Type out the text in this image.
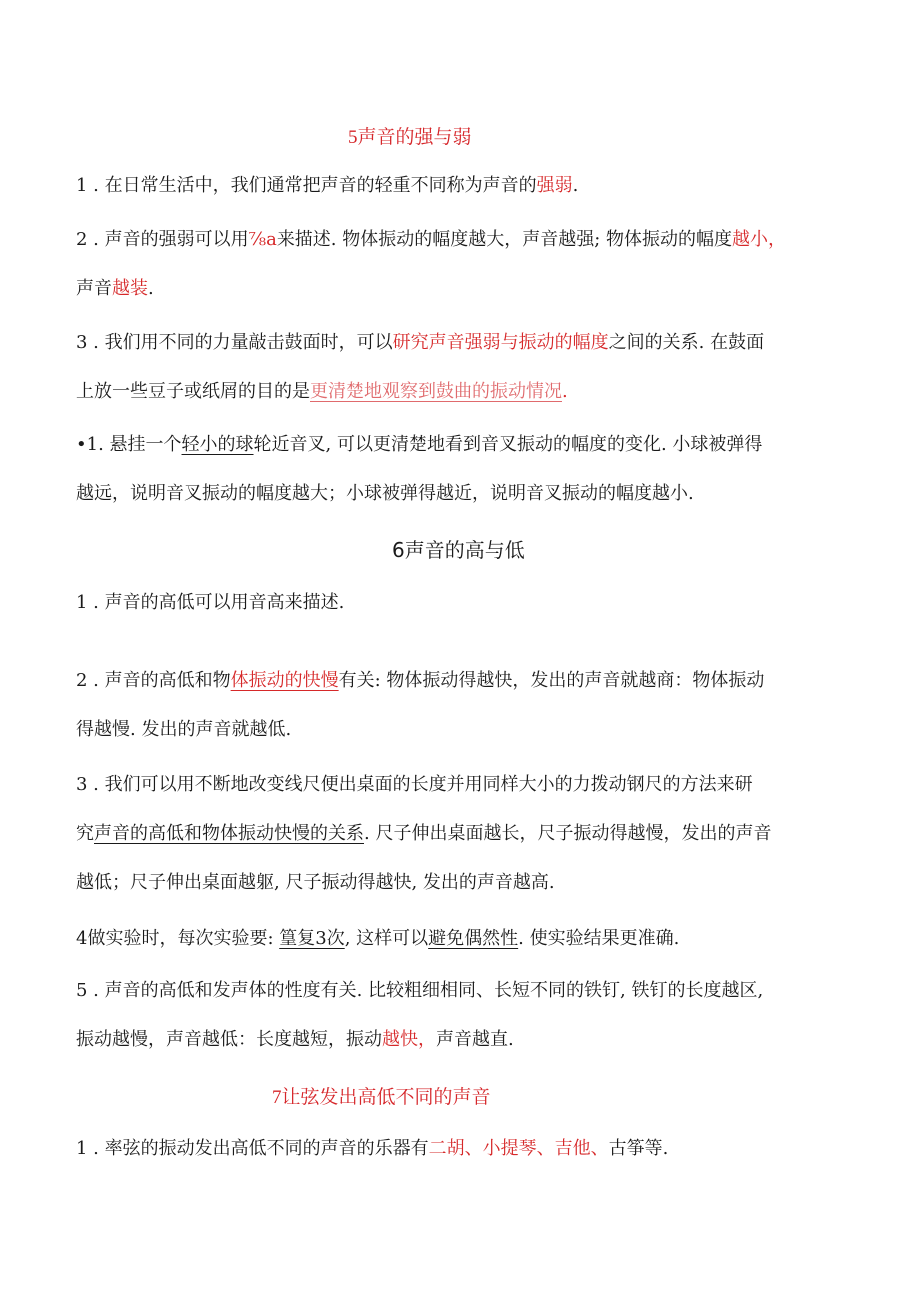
5声音的强与弱
1 . 在日常生活中，我们通常把声音的轻重不同称为声音的强弱.
2 . 声音的强弱可以用⅞a来描述. 物体振动的幅度越大，声音越强; 物体振动的幅度越小，
声音越装.
3 . 我们用不同的力量敲击鼓面时，可以研究声音强弱与振动的幅度之间的关系. 在鼓面
上放一些豆子或纸屑的目的是更清楚地观察到鼓曲的振动情况.
•1. 悬挂一个轻小的球轮近音叉, 可以更清楚地看到音叉振动的幅度的变化. 小球被弹得
越远，说明音叉振动的幅度越大；小球被弹得越近，说明音叉振动的幅度越小.
6声音的高与低
1 . 声音的高低可以用音高来描述.
2 . 声音的高低和物体振动的快慢有关: 物体振动得越快，发出的声音就越商：物体振动
得越慢. 发出的声音就越低.
3 . 我们可以用不断地改变线尺便出桌面的长度并用同样大小的力拨动钢尺的方法来研
究声音的高低和物体振动快慢的关系. 尺子伸出桌面越长，尺子振动得越慢，发出的声音
越低；尺子伸出桌面越躯, 尺子振动得越快, 发出的声音越高.
4做实验时，每次实验要: 篁复3次, 这样可以避免偶然性. 使实验结果更准确.
5 . 声音的高低和发声体的性度有关. 比较粗细相同、长短不同的铁钉, 铁钉的长度越区,
振动越慢，声音越低：长度越短，振动越快，声音越直.
7让弦发出高低不同的声音
1 . 率弦的振动发出高低不同的声音的乐器有二胡、小提琴、吉他、古筝等.
